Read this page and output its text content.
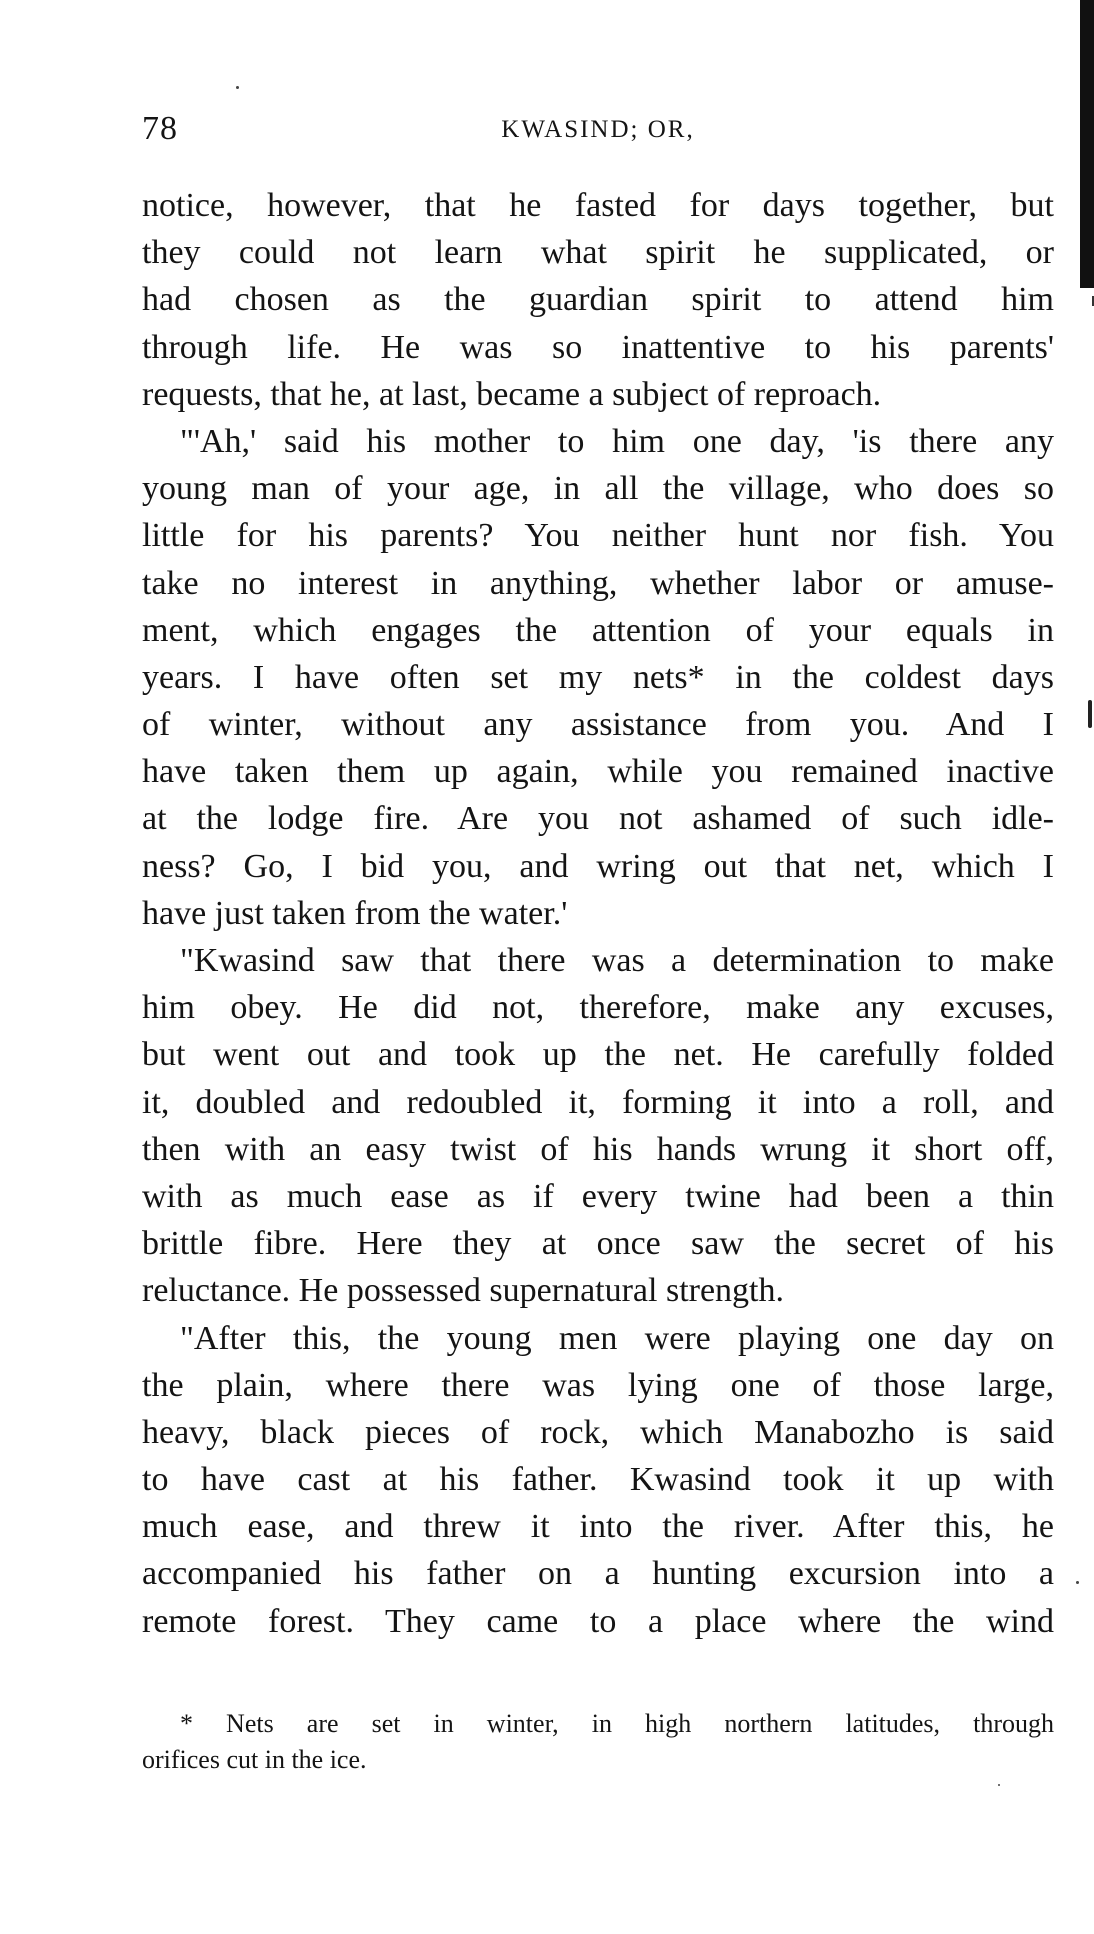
78	KWASIND; OR,
notice, however, that he fasted for days together, but
they could not learn what spirit he supplicated, or
had chosen as the guardian spirit to attend him
through life. He was so inattentive to his parents'
requests, that he, at last, became a subject of reproach.
"'Ah,' said his mother to him one day, 'is there any
young man of your age, in all the village, who does so
little for his parents? You neither hunt nor fish. You
take no interest in anything, whether labor or amuse-
ment, which engages the attention of your equals in
years. I have often set my nets* in the coldest days
of winter, without any assistance from you. And I
have taken them up again, while you remained inactive
at the lodge fire. Are you not ashamed of such idle-
ness? Go, I bid you, and wring out that net, which I
have just taken from the water.'
"Kwasind saw that there was a determination to make
him obey. He did not, therefore, make any excuses,
but went out and took up the net. He carefully folded
it, doubled and redoubled it, forming it into a roll, and
then with an easy twist of his hands wrung it short off,
with as much ease as if every twine had been a thin
brittle fibre. Here they at once saw the secret of his
reluctance. He possessed supernatural strength.
"After this, the young men were playing one day on
the plain, where there was lying one of those large,
heavy, black pieces of rock, which Manabozho is said
to have cast at his father. Kwasind took it up with
much ease, and threw it into the river. After this, he
accompanied his father on a hunting excursion into a
remote forest. They came to a place where the wind
* Nets are set in winter, in high northern latitudes, through
orifices cut in the ice.
